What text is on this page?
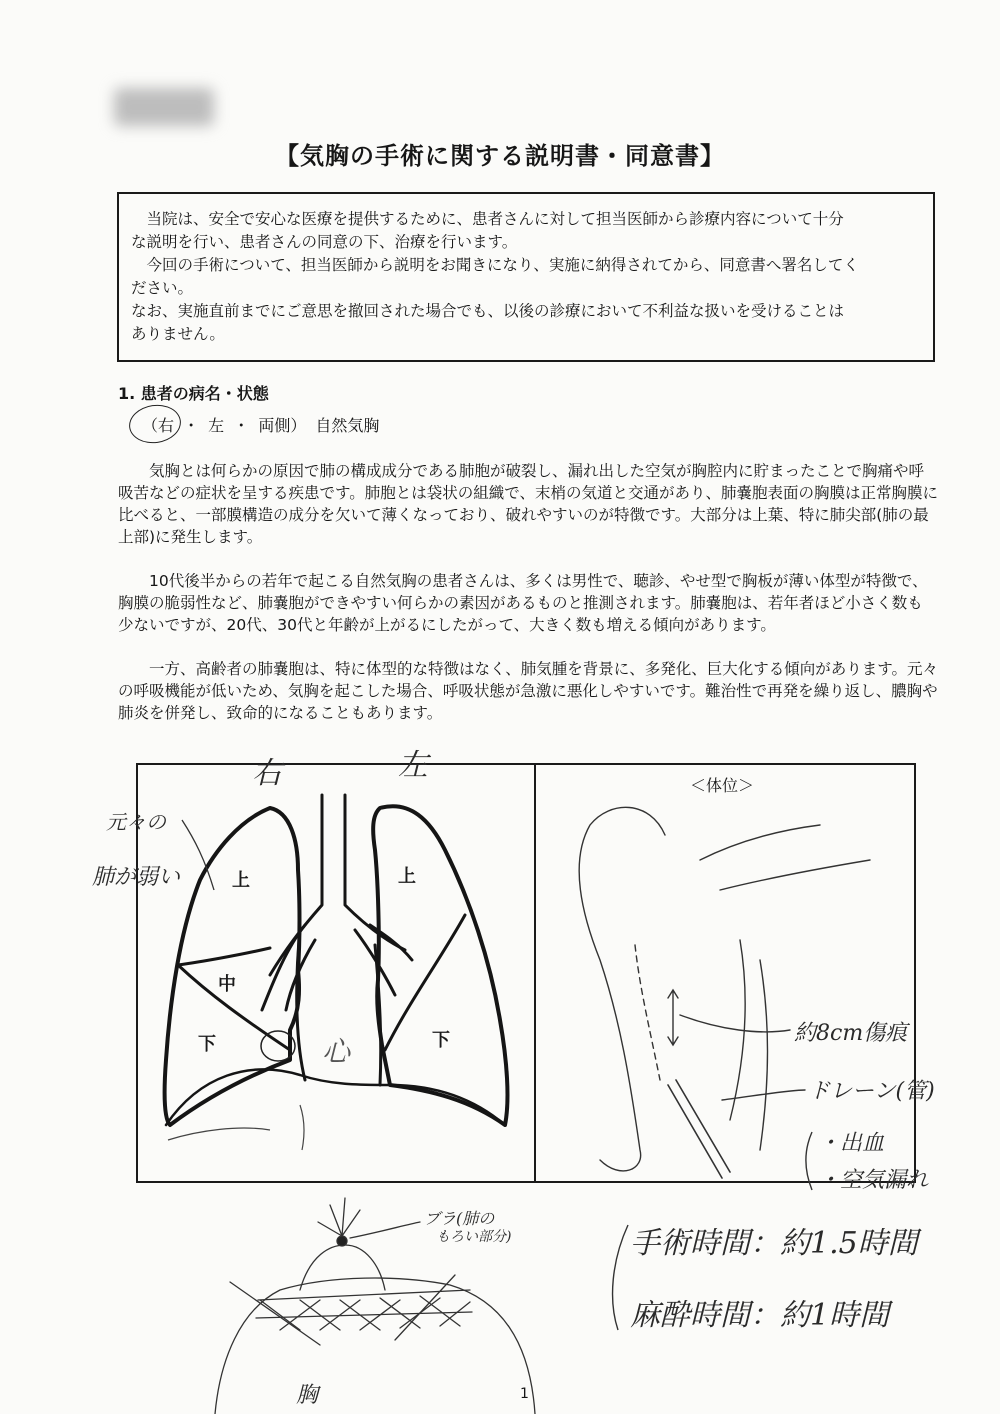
【気胸の手術に関する説明書・同意書】

　当院は、安全で安心な医療を提供するために、患者さんに対して担当医師から診療内容について十分

な説明を行い、患者さんの同意の下、治療を行います。

　今回の手術について、担当医師から説明をお聞きになり、実施に納得されてから、同意書へ署名してく

ださい。

なお、実施直前までにご意思を撤回された場合でも、以後の診療において不利益な扱いを受けることは

ありません。

1. 患者の病名・状態
（右 ・ 左 ・ 両側） 自然気胸

気胸とは何らかの原因で肺の構成成分である肺胞が破裂し、漏れ出した空気が胸腔内に貯まったことで胸痛や呼吸苦などの症状を呈する疾患です。肺胞とは袋状の組織で、末梢の気道と交通があり、肺嚢胞表面の胸膜は正常胸膜に比べると、一部膜構造の成分を欠いて薄くなっており、破れやすいのが特徴です。大部分は上葉、特に肺尖部(肺の最上部)に発生します。

10代後半からの若年で起こる自然気胸の患者さんは、多くは男性で、聴診、やせ型で胸板が薄い体型が特徴で、胸膜の脆弱性など、肺嚢胞ができやすい何らかの素因があるものと推測されます。肺嚢胞は、若年者ほど小さく数も少ないですが、20代、30代と年齢が上がるにしたがって、大きく数も増える傾向があります。

一方、高齢者の肺嚢胞は、特に体型的な特徴はなく、肺気腫を背景に、多発化、巨大化する傾向があります。元々の呼吸機能が低いため、気胸を起こした場合、呼吸状態が急激に悪化しやすいです。難治性で再発を繰り返し、膿胸や肺炎を併発し、致命的になることもあります。

＜体位＞
上
中
下
上
下
心
右	左
元々の
肺が弱い
約8cm傷痕
ドレーン(管)
・出血
・空気漏れ
ブラ(肺の
もろい部分)	手術時間：約1.5時間
麻酔時間：約1時間
胸	1
